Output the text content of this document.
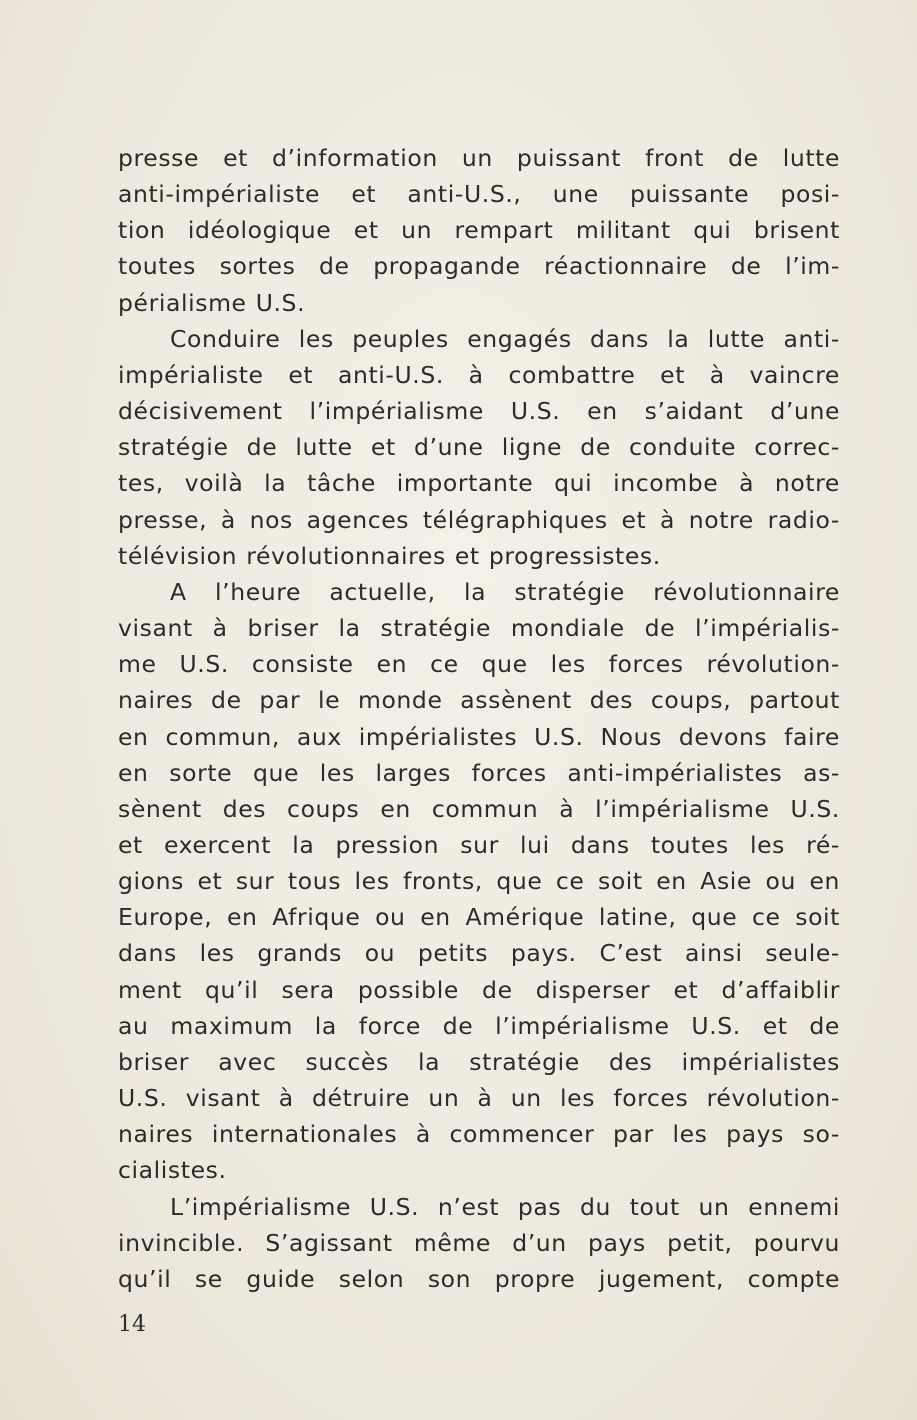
presse et d’information un puissant front de lutte
anti-impérialiste et anti-U.S., une puissante posi-
tion idéologique et un rempart militant qui brisent
toutes sortes de propagande réactionnaire de l’im-
périalisme U.S.

Conduire les peuples engagés dans la lutte anti-
impérialiste et anti-U.S. à combattre et à vaincre
décisivement l’impérialisme U.S. en s’aidant d’une
stratégie de lutte et d’une ligne de conduite correc-
tes, voilà la tâche importante qui incombe à notre
presse, à nos agences télégraphiques et à notre radio-
télévision révolutionnaires et progressistes.

A l’heure actuelle, la stratégie révolutionnaire
visant à briser la stratégie mondiale de l’impérialis-
me U.S. consiste en ce que les forces révolution-
naires de par le monde assènent des coups, partout
en commun, aux impérialistes U.S. Nous devons faire
en sorte que les larges forces anti-impérialistes as-
sènent des coups en commun à l’impérialisme U.S.
et exercent la pression sur lui dans toutes les ré-
gions et sur tous les fronts, que ce soit en Asie ou en
Europe, en Afrique ou en Amérique latine, que ce soit
dans les grands ou petits pays. C’est ainsi seule-
ment qu’il sera possible de disperser et d’affaiblir
au maximum la force de l’impérialisme U.S. et de
briser avec succès la stratégie des impérialistes
U.S. visant à détruire un à un les forces révolution-
naires internationales à commencer par les pays so-
cialistes.

L’impérialisme U.S. n’est pas du tout un ennemi
invincible. S’agissant même d’un pays petit, pourvu
qu’il se guide selon son propre jugement, compte

14
